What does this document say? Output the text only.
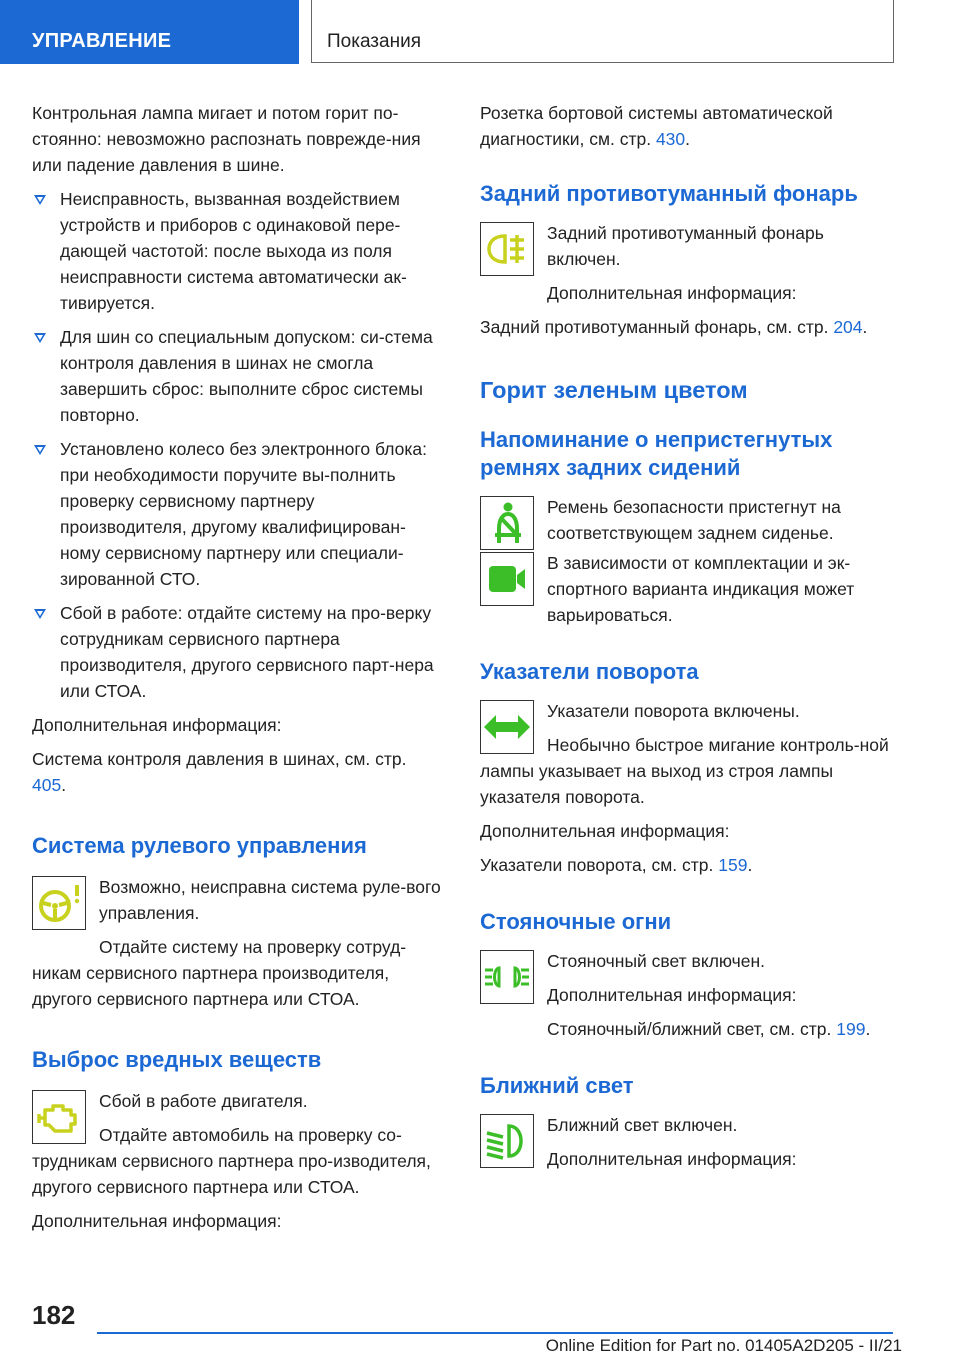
УПРАВЛЕНИЕ	Показания

Контрольная лампа мигает и потом горит по-стоянно: невозможно распознать поврежде-ния или падение давления в шине.

Неисправность, вызванная воздействием устройств и приборов с одинаковой пере-дающей частотой: после выхода из поля неисправности система автоматически ак-тивируется.
Для шин со специальным допуском: си-стема контроля давления в шинах не смогла завершить сброс: выполните сброс системы повторно.
Установлено колесо без электронного блока: при необходимости поручите вы-полнить проверку сервисному партнеру производителя, другому квалифицирован-ному сервисному партнеру или специали-зированной СТО.
Сбой в работе: отдайте систему на про-верку сотрудникам сервисного партнера производителя, другого сервисного парт-нера или СТОА.

Дополнительная информация:

Система контроля давления в шинах, см. стр. 405.

Система рулевого управления

Возможно, неисправна система руле-вого управления.

Отдайте систему на проверку сотруд-никам сервисного партнера производителя, другого сервисного партнера или СТОА.

Выброс вредных веществ

Сбой в работе двигателя.

Отдайте автомобиль на проверку со-трудникам сервисного партнера про-изводителя, другого сервисного партнера или СТОА.

Дополнительная информация:

Розетка бортовой системы автоматической диагностики, см. стр. 430.

Задний противотуманный фонарь

Задний противотуманный фонарь включен.

Дополнительная информация:

Задний противотуманный фонарь, см. стр. 204.

Горит зеленым цветом
Напоминание о непристегнутых ремнях задних сидений

Ремень безопасности пристегнут на соответствующем заднем сиденье.

В зависимости от комплектации и эк-спортного варианта индикация может варьироваться.

Указатели поворота

Указатели поворота включены.

Необычно быстрое мигание контроль-ной лампы указывает на выход из строя лампы указателя поворота.

Дополнительная информация:

Указатели поворота, см. стр. 159.

Стояночные огни

Стояночный свет включен.

Дополнительная информация:

Стояночный/ближний свет, см. стр. 199.

Ближний свет

Ближний свет включен.

Дополнительная информация:

182
Online Edition for Part no. 01405A2D205 - II/21
